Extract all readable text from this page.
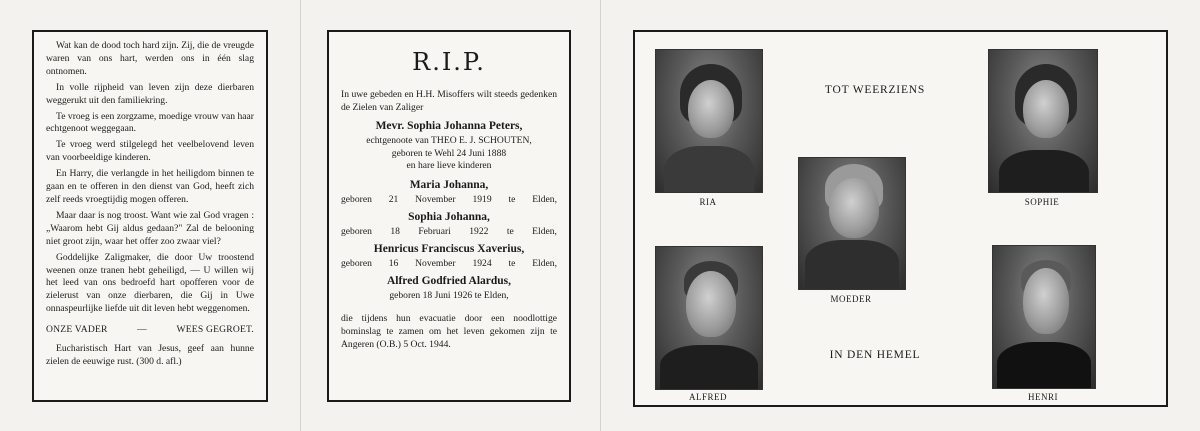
Wat kan de dood toch hard zijn. Zij, die de vreugde waren van ons hart, werden ons in één slag ontnomen.

In volle rijpheid van leven zijn deze dierbaren weggerukt uit den familiekring.

Te vroeg is een zorgzame, moedige vrouw van haar echtgenoot weggegaan.

Te vroeg werd stilgelegd het veelbelovend leven van voorbeeldige kinderen.

En Harry, die verlangde in het heiligdom binnen te gaan en te offeren in den dienst van God, heeft zich zelf reeds vroegtijdig mogen offeren.

Maar daar is nog troost. Want wie zal God vragen : „Waarom hebt Gij aldus gedaan?" Zal de belooning niet groot zijn, waar het offer zoo zwaar viel?

Goddelijke Zaligmaker, die door Uw troostend weenen onze tranen hebt geheiligd, — U willen wij het leed van ons bedroefd hart opofferen voor de zielerust van onze dierbaren, die Gij in Uwe onnaspeurlijke liefde uit dit leven hebt weggenomen.

ONZE VADER	—	WEES GEGROET.

Eucharistisch Hart van Jesus, geef aan hunne zielen de eeuwige rust. (300 d. afl.)

R.I.P.

In uwe gebeden en H.H. Misoffers wilt steeds gedenken de Zielen van Zaliger

Mevr. Sophia Johanna Peters,

echtgenoote van THEO E. J. SCHOUTEN,

geboren te Wehl 24 Juni 1888

en hare lieve kinderen

Maria Johanna,
geboren 21 November 1919 te Elden,
Sophia Johanna,
geboren 18 Februari 1922 te Elden,
Henricus Franciscus Xaverius,
geboren 16 November 1924 te Elden,
Alfred Godfried Alardus,

geboren 18 Juni 1926 te Elden,

die tijdens hun evacuatie door een noodlottige bominslag te zamen om het leven gekomen zijn te Angeren (O.B.) 5 Oct. 1944.

TOT WEERZIENS
IN DEN HEMEL
RIA	SOPHIE
MOEDER
ALFRED	HENRI
